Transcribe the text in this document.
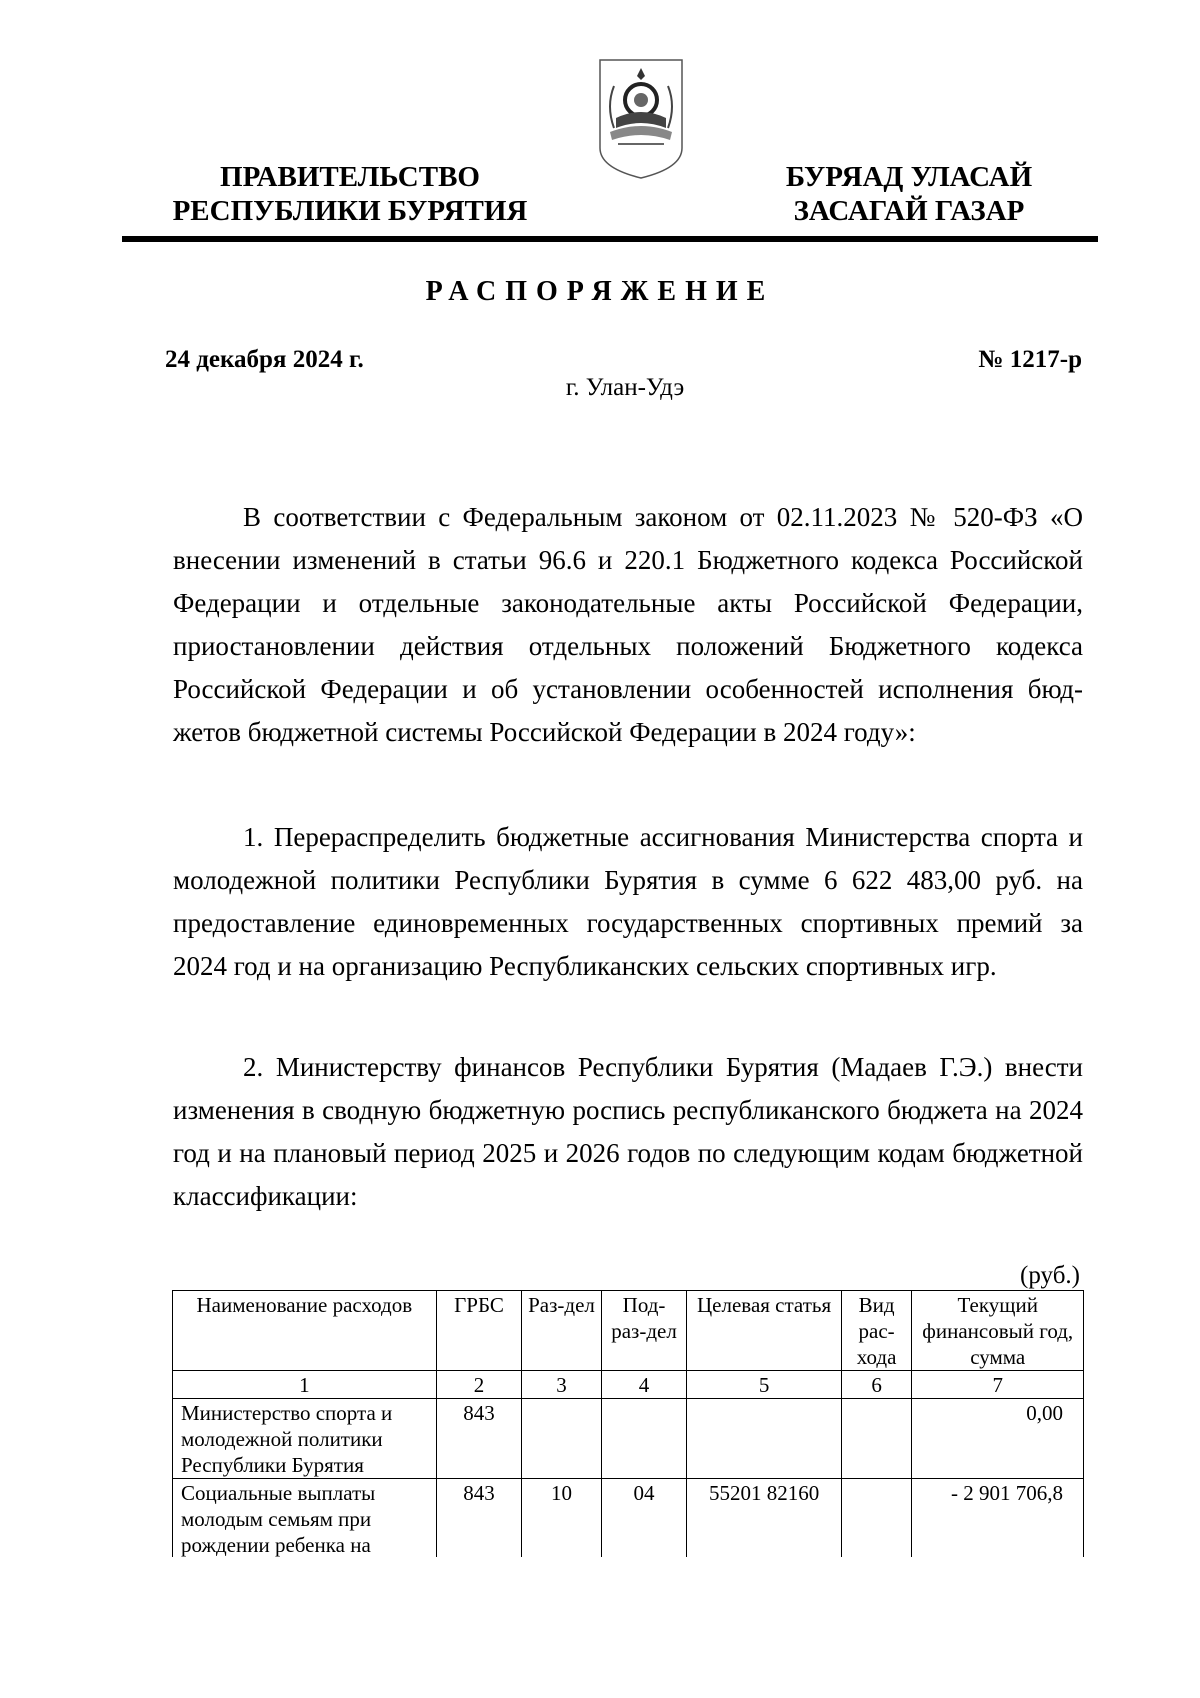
ПРАВИТЕЛЬСТВО
РЕСПУБЛИКИ БУРЯТИЯ
БУРЯАД УЛАСАЙ
ЗАСАГАЙ ГАЗАР
РАСПОРЯЖЕНИЕ
24 декабря 2024 г.	№ 1217-р
г. Улан-Удэ

В соответствии с Федеральным законом от 02.11.2023 № 520-ФЗ «О внесении изменений в статьи 96.6 и 220.1 Бюджетного кодекса Российской Федерации и отдельные законодательные акты Российской Федерации, приостановлении действия отдельных положений Бюджетного кодекса Российской Федерации и об установлении особенностей исполнения бюджетов бюджетной системы Российской Федерации в 2024 году»:

1. Перераспределить бюджетные ассигнования Министерства спорта и молодежной политики Республики Бурятия в сумме 6 622 483,00 руб. на предоставление единовременных государственных спортивных премий за 2024 год и на организацию Республиканских сельских спортивных игр.

2. Министерству финансов Республики Бурятия (Мадаев Г.Э.) внести изменения в сводную бюджетную роспись республиканского бюджета на 2024 год и на плановый период 2025 и 2026 годов по следующим кодам бюджетной классификации:

(руб.)
Наименование расходов	ГРБС	Раз-дел	Под-раз-дел	Целевая статья	Вид рас-хода	Текущий финансовый год, сумма
1	2	3	4	5	6	7
Министерство спорта и молодежной политики Республики Бурятия	843					0,00

Социальные выплаты молодым семьям при рождении ребенка на	843	10	04	55201 82160		- 2 901 706,8
